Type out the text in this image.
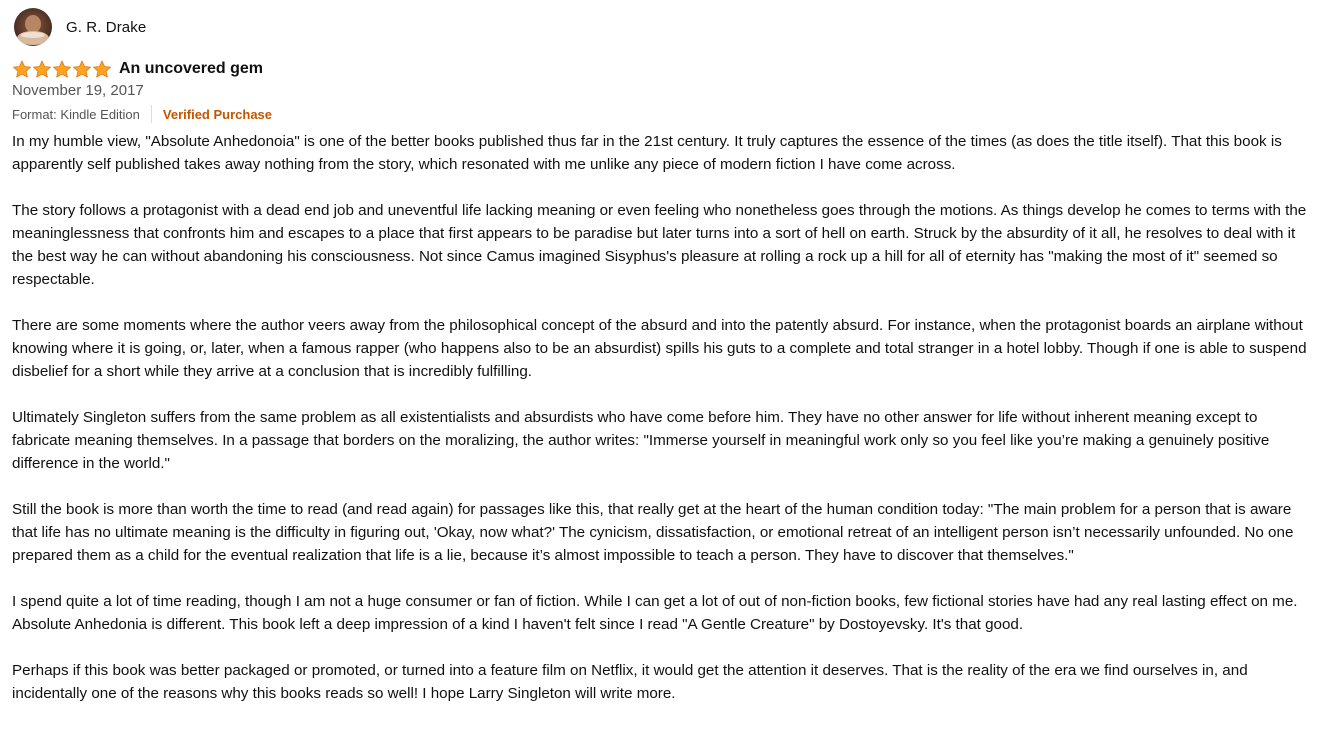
G. R. Drake
An uncovered gem
November 19, 2017
Format: Kindle Edition Verified Purchase

In my humble view, "Absolute Anhedonoia" is one of the better books published thus far in the 21st century. It truly captures the essence of the times (as does the title itself). That this book is apparently self published takes away nothing from the story, which resonated with me unlike any piece of modern fiction I have come across.

The story follows a protagonist with a dead end job and uneventful life lacking meaning or even feeling who nonetheless goes through the motions. As things develop he comes to terms with the meaninglessness that confronts him and escapes to a place that first appears to be paradise but later turns into a sort of hell on earth. Struck by the absurdity of it all, he resolves to deal with it the best way he can without abandoning his consciousness. Not since Camus imagined Sisyphus's pleasure at rolling a rock up a hill for all of eternity has "making the most of it" seemed so respectable.

There are some moments where the author veers away from the philosophical concept of the absurd and into the patently absurd. For instance, when the protagonist boards an airplane without knowing where it is going, or, later, when a famous rapper (who happens also to be an absurdist) spills his guts to a complete and total stranger in a hotel lobby. Though if one is able to suspend disbelief for a short while they arrive at a conclusion that is incredibly fulfilling.

Ultimately Singleton suffers from the same problem as all existentialists and absurdists who have come before him. They have no other answer for life without inherent meaning except to fabricate meaning themselves. In a passage that borders on the moralizing, the author writes: "Immerse yourself in meaningful work only so you feel like you’re making a genuinely positive difference in the world."

Still the book is more than worth the time to read (and read again) for passages like this, that really get at the heart of the human condition today: "The main problem for a person that is aware that life has no ultimate meaning is the difficulty in figuring out, 'Okay, now what?' The cynicism, dissatisfaction, or emotional retreat of an intelligent person isn’t necessarily unfounded. No one prepared them as a child for the eventual realization that life is a lie, because it’s almost impossible to teach a person. They have to discover that themselves."

I spend quite a lot of time reading, though I am not a huge consumer or fan of fiction. While I can get a lot of out of non-fiction books, few fictional stories have had any real lasting effect on me. Absolute Anhedonia is different. This book left a deep impression of a kind I haven't felt since I read "A Gentle Creature" by Dostoyevsky. It's that good.

Perhaps if this book was better packaged or promoted, or turned into a feature film on Netflix, it would get the attention it deserves. That is the reality of the era we find ourselves in, and incidentally one of the reasons why this books reads so well! I hope Larry Singleton will write more.
